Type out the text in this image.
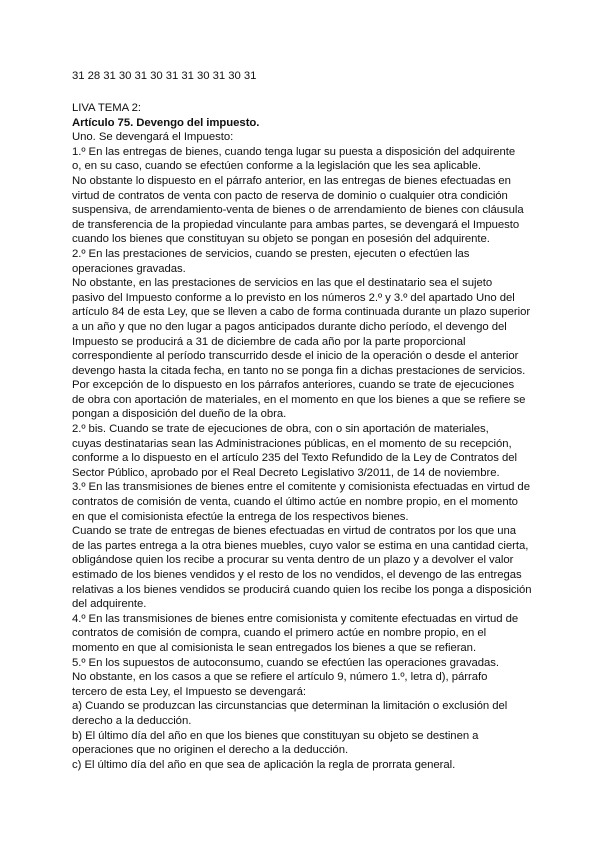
31 28 31 30 31 30 31 31 30 31 30 31

LIVA TEMA 2:
Artículo 75. Devengo del impuesto.
Uno. Se devengará el Impuesto:
1.º En las entregas de bienes, cuando tenga lugar su puesta a disposición del adquirente
o, en su caso, cuando se efectúen conforme a la legislación que les sea aplicable.
No obstante lo dispuesto en el párrafo anterior, en las entregas de bienes efectuadas en
virtud de contratos de venta con pacto de reserva de dominio o cualquier otra condición
suspensiva, de arrendamiento-venta de bienes o de arrendamiento de bienes con cláusula
de transferencia de la propiedad vinculante para ambas partes, se devengará el Impuesto
cuando los bienes que constituyan su objeto se pongan en posesión del adquirente.
2.º En las prestaciones de servicios, cuando se presten, ejecuten o efectúen las
operaciones gravadas.
No obstante, en las prestaciones de servicios en las que el destinatario sea el sujeto
pasivo del Impuesto conforme a lo previsto en los números 2.º y 3.º del apartado Uno del
artículo 84 de esta Ley, que se lleven a cabo de forma continuada durante un plazo superior
a un año y que no den lugar a pagos anticipados durante dicho período, el devengo del
Impuesto se producirá a 31 de diciembre de cada año por la parte proporcional
correspondiente al período transcurrido desde el inicio de la operación o desde el anterior
devengo hasta la citada fecha, en tanto no se ponga fin a dichas prestaciones de servicios.
Por excepción de lo dispuesto en los párrafos anteriores, cuando se trate de ejecuciones
de obra con aportación de materiales, en el momento en que los bienes a que se refiere se
pongan a disposición del dueño de la obra.
2.º bis. Cuando se trate de ejecuciones de obra, con o sin aportación de materiales,
cuyas destinatarias sean las Administraciones públicas, en el momento de su recepción,
conforme a lo dispuesto en el artículo 235 del Texto Refundido de la Ley de Contratos del
Sector Público, aprobado por el Real Decreto Legislativo 3/2011, de 14 de noviembre.
3.º En las transmisiones de bienes entre el comitente y comisionista efectuadas en virtud de
contratos de comisión de venta, cuando el último actúe en nombre propio, en el momento
en que el comisionista efectúe la entrega de los respectivos bienes.
Cuando se trate de entregas de bienes efectuadas en virtud de contratos por los que una
de las partes entrega a la otra bienes muebles, cuyo valor se estima en una cantidad cierta,
obligándose quien los recibe a procurar su venta dentro de un plazo y a devolver el valor
estimado de los bienes vendidos y el resto de los no vendidos, el devengo de las entregas
relativas a los bienes vendidos se producirá cuando quien los recibe los ponga a disposición
del adquirente.
4.º En las transmisiones de bienes entre comisionista y comitente efectuadas en virtud de
contratos de comisión de compra, cuando el primero actúe en nombre propio, en el
momento en que al comisionista le sean entregados los bienes a que se refieran.
5.º En los supuestos de autoconsumo, cuando se efectúen las operaciones gravadas.
No obstante, en los casos a que se refiere el artículo 9, número 1.º, letra d), párrafo
tercero de esta Ley, el Impuesto se devengará:
a) Cuando se produzcan las circunstancias que determinan la limitación o exclusión del
derecho a la deducción.
b) El último día del año en que los bienes que constituyan su objeto se destinen a
operaciones que no originen el derecho a la deducción.
c) El último día del año en que sea de aplicación la regla de prorrata general.
